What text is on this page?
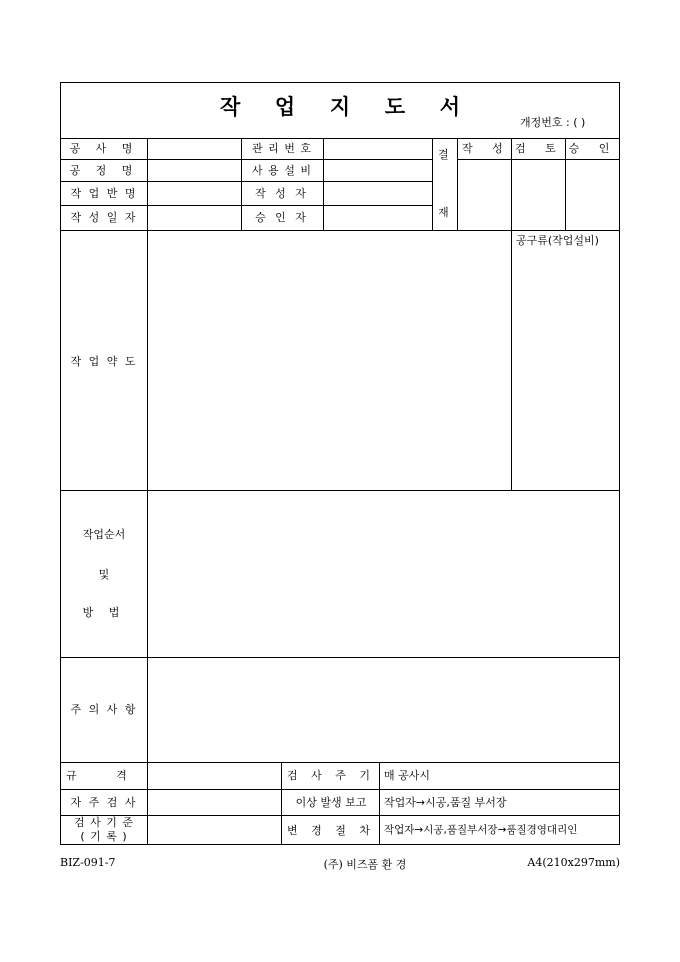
작 업 지 도 서
개정번호 : ( )
공 사 명
공 정 명
작 업 반 명
작 성 일 자
관 리 번 호
사 용 설 비
작 성 자
승 인 자
결
재
작 성 검 토 승 인
작 업 약 도
공구류(작업설비)
작업순서
및
방 법
주 의 사 항
규 격
자 주 검 사
검 사 기 준
( 기 록 )
검 사 주 기
이상 발생 보고
변 경 절 차
매 공사시
작업자→시공,품질 부서장
작업자→시공,품질부서장→품질경영대리인
BIZ-091-7	(주) 비즈폼 환 경	A4(210x297mm)
